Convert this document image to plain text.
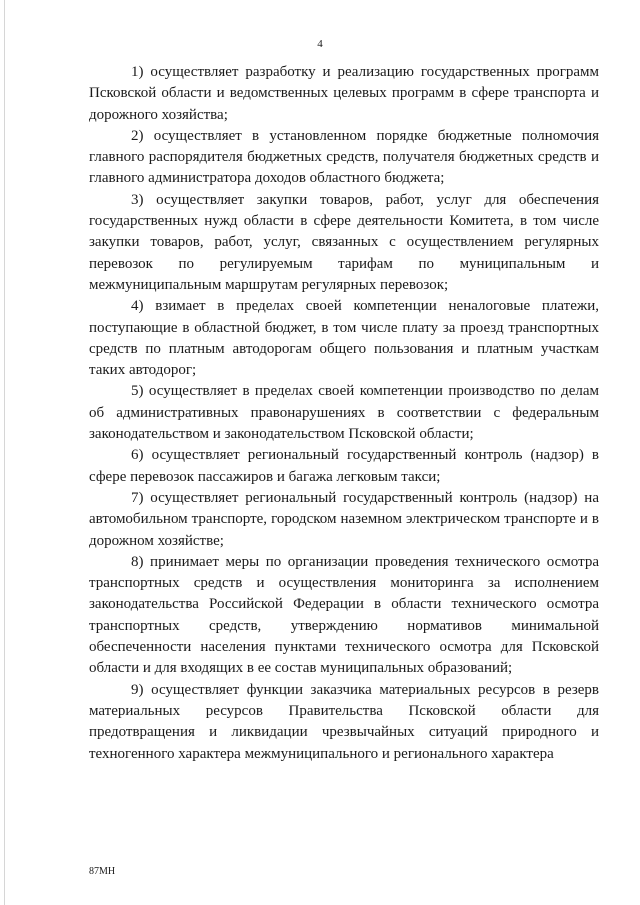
4

1) осуществляет разработку и реализацию государственных программ Псковской области и ведомственных целевых программ в сфере транспорта и дорожного хозяйства;

2) осуществляет в установленном порядке бюджетные полномочия главного распорядителя бюджетных средств, получателя бюджетных средств и главного администратора доходов областного бюджета;

3) осуществляет закупки товаров, работ, услуг для обеспечения государственных нужд области в сфере деятельности Комитета, в том числе закупки товаров, работ, услуг, связанных с осуществлением регулярных перевозок по регулируемым тарифам по муниципальным и межмуниципальным маршрутам регулярных перевозок;

4) взимает в пределах своей компетенции неналоговые платежи, поступающие в областной бюджет, в том числе плату за проезд транспортных средств по платным автодорогам общего пользования и платным участкам таких автодорог;

5) осуществляет в пределах своей компетенции производство по делам об административных правонарушениях в соответствии с федеральным законодательством и законодательством Псковской области;

6) осуществляет региональный государственный контроль (надзор) в сфере перевозок пассажиров и багажа легковым такси;

7) осуществляет региональный государственный контроль (надзор) на автомобильном транспорте, городском наземном электрическом транспорте и в дорожном хозяйстве;

8) принимает меры по организации проведения технического осмотра транспортных средств и осуществления мониторинга за исполнением законодательства Российской Федерации в области технического осмотра транспортных средств, утверждению нормативов минимальной обеспеченности населения пунктами технического осмотра для Псковской области и для входящих в ее состав муниципальных образований;

9) осуществляет функции заказчика материальных ресурсов в резерв материальных ресурсов Правительства Псковской области для предотвращения и ликвидации чрезвычайных ситуаций природного и техногенного характера межмуниципального и регионального характера

87МН
